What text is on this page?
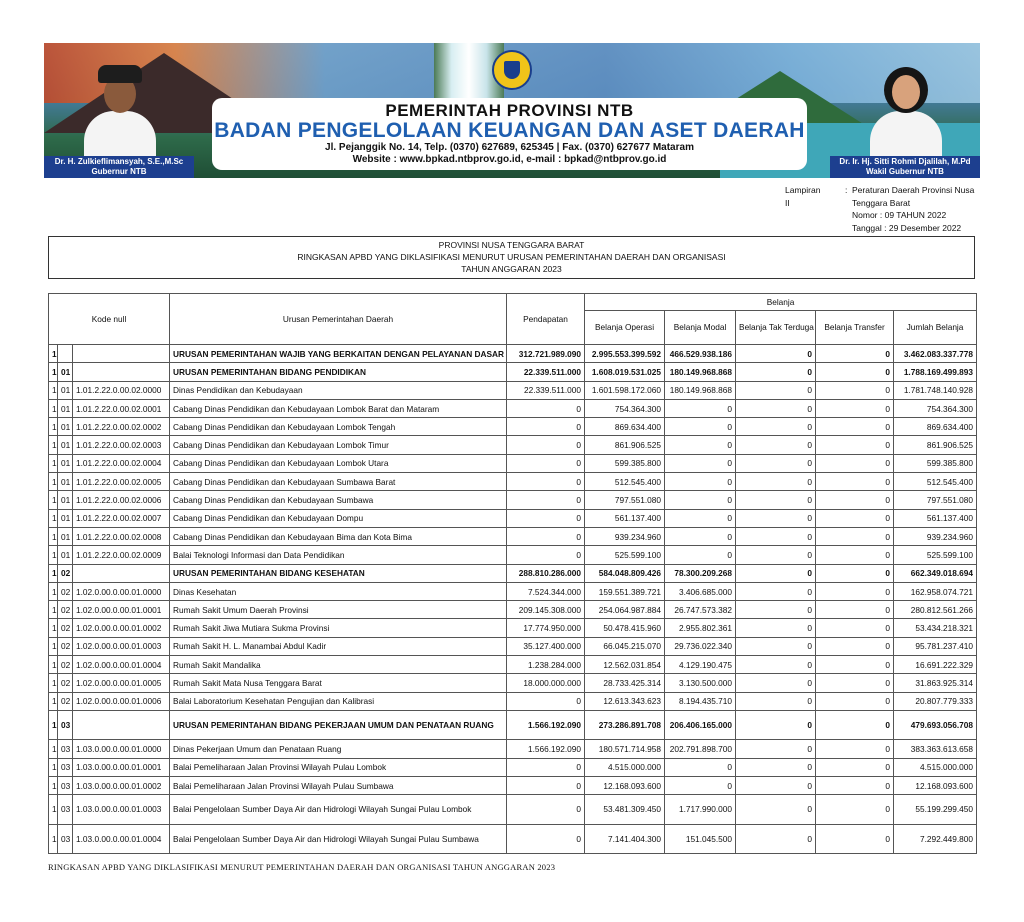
Dr. H. Zulkieflimansyah, S.E.,M.Sc
Gubernur NTB
PEMERINTAH PROVINSI NTB
BADAN PENGELOLAAN KEUANGAN DAN ASET DAERAH
Jl. Pejanggik No. 14, Telp. (0370) 627689, 625345 | Fax. (0370) 627677 Mataram
Website : www.bpkad.ntbprov.go.id, e-mail : bpkad@ntbprov.go.id	Dr. Ir. Hj. Sitti Rohmi Djalilah, M.Pd
Wakil Gubernur NTB
Lampiran II
: Peraturan Daerah Provinsi Nusa
Tenggara Barat
Nomor : 09 TAHUN 2022
Tanggal : 29 Desember 2022
PROVINSI NUSA TENGGARA BARAT
RINGKASAN APBD YANG DIKLASIFIKASI MENURUT URUSAN PEMERINTAHAN DAERAH DAN ORGANISASI
TAHUN ANGGARAN 2023
Kode null			Urusan Pemerintahan Daerah	Pendapatan	Belanja				
					Belanja Operasi	Belanja Modal	Belanja Tak Terduga	Belanja Transfer	Jumlah Belanja
1			URUSAN PEMERINTAHAN WAJIB YANG BERKAITAN DENGAN PELAYANAN DASAR	312.721.989.090	2.995.553.399.592	466.529.938.186	0	0	3.462.083.337.778
1	01		URUSAN PEMERINTAHAN BIDANG PENDIDIKAN	22.339.511.000	1.608.019.531.025	180.149.968.868	0	0	1.788.169.499.893
1	01	1.01.2.22.0.00.02.0000	Dinas Pendidikan dan Kebudayaan	22.339.511.000	1.601.598.172.060	180.149.968.868	0	0	1.781.748.140.928
1	01	1.01.2.22.0.00.02.0001	Cabang Dinas Pendidikan dan Kebudayaan Lombok Barat dan Mataram	0	754.364.300	0	0	0	754.364.300
1	01	1.01.2.22.0.00.02.0002	Cabang Dinas Pendidikan dan Kebudayaan Lombok Tengah	0	869.634.400	0	0	0	869.634.400
1	01	1.01.2.22.0.00.02.0003	Cabang Dinas Pendidikan dan Kebudayaan Lombok Timur	0	861.906.525	0	0	0	861.906.525
1	01	1.01.2.22.0.00.02.0004	Cabang Dinas Pendidikan dan Kebudayaan Lombok Utara	0	599.385.800	0	0	0	599.385.800
1	01	1.01.2.22.0.00.02.0005	Cabang Dinas Pendidikan dan Kebudayaan Sumbawa Barat	0	512.545.400	0	0	0	512.545.400
1	01	1.01.2.22.0.00.02.0006	Cabang Dinas Pendidikan dan Kebudayaan Sumbawa	0	797.551.080	0	0	0	797.551.080
1	01	1.01.2.22.0.00.02.0007	Cabang Dinas Pendidikan dan Kebudayaan Dompu	0	561.137.400	0	0	0	561.137.400
1	01	1.01.2.22.0.00.02.0008	Cabang Dinas Pendidikan dan Kebudayaan Bima dan Kota Bima	0	939.234.960	0	0	0	939.234.960
1	01	1.01.2.22.0.00.02.0009	Balai Teknologi Informasi dan Data Pendidikan	0	525.599.100	0	0	0	525.599.100
1	02		URUSAN PEMERINTAHAN BIDANG KESEHATAN	288.810.286.000	584.048.809.426	78.300.209.268	0	0	662.349.018.694
1	02	1.02.0.00.0.00.01.0000	Dinas Kesehatan	7.524.344.000	159.551.389.721	3.406.685.000	0	0	162.958.074.721
1	02	1.02.0.00.0.00.01.0001	Rumah Sakit Umum Daerah Provinsi	209.145.308.000	254.064.987.884	26.747.573.382	0	0	280.812.561.266
1	02	1.02.0.00.0.00.01.0002	Rumah Sakit Jiwa Mutiara Sukma Provinsi	17.774.950.000	50.478.415.960	2.955.802.361	0	0	53.434.218.321
1	02	1.02.0.00.0.00.01.0003	Rumah Sakit H. L. Manambai Abdul Kadir	35.127.400.000	66.045.215.070	29.736.022.340	0	0	95.781.237.410
1	02	1.02.0.00.0.00.01.0004	Rumah Sakit Mandalika	1.238.284.000	12.562.031.854	4.129.190.475	0	0	16.691.222.329
1	02	1.02.0.00.0.00.01.0005	Rumah Sakit Mata Nusa Tenggara Barat	18.000.000.000	28.733.425.314	3.130.500.000	0	0	31.863.925.314
1	02	1.02.0.00.0.00.01.0006	Balai Laboratorium Kesehatan Pengujian dan Kalibrasi	0	12.613.343.623	8.194.435.710	0	0	20.807.779.333
1	03		URUSAN PEMERINTAHAN BIDANG PEKERJAAN UMUM DAN PENATAAN RUANG	1.566.192.090	273.286.891.708	206.406.165.000	0	0	479.693.056.708
1	03	1.03.0.00.0.00.01.0000	Dinas Pekerjaan Umum dan Penataan Ruang	1.566.192.090	180.571.714.958	202.791.898.700	0	0	383.363.613.658
1	03	1.03.0.00.0.00.01.0001	Balai Pemeliharaan Jalan Provinsi Wilayah Pulau Lombok	0	4.515.000.000	0	0	0	4.515.000.000
1	03	1.03.0.00.0.00.01.0002	Balai Pemeliharaan Jalan Provinsi Wilayah Pulau Sumbawa	0	12.168.093.600	0	0	0	12.168.093.600
1	03	1.03.0.00.0.00.01.0003	Balai Pengelolaan Sumber Daya Air dan Hidrologi Wilayah Sungai Pulau Lombok	0	53.481.309.450	1.717.990.000	0	0	55.199.299.450
1	03	1.03.0.00.0.00.01.0004	Balai Pengelolaan Sumber Daya Air dan Hidrologi Wilayah Sungai Pulau Sumbawa	0	7.141.404.300	151.045.500	0	0	7.292.449.800
RINGKASAN APBD YANG DIKLASIFIKASI MENURUT PEMERINTAHAN DAERAH DAN ORGANISASI TAHUN ANGGARAN 2023
